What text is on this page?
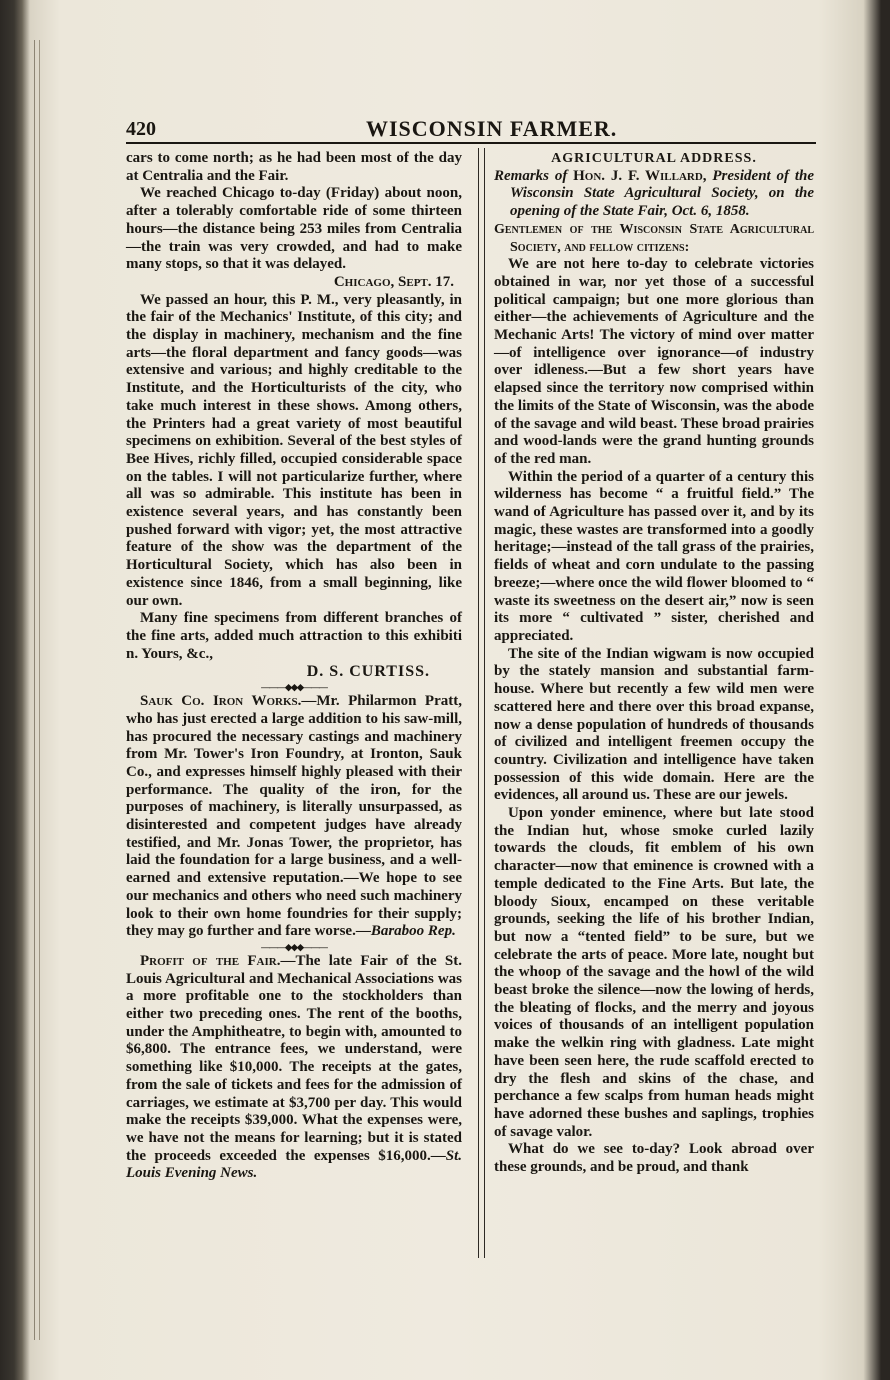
420	WISCONSIN FARMER.

cars to come north; as he had been most of the day at Centralia and the Fair.

We reached Chicago to-day (Friday) about noon, after a tolerably comfortable ride of some thirteen hours—the distance being 253 miles from Centralia—the train was very crowded, and had to make many stops, so that it was delayed.

Chicago, Sept. 17.

We passed an hour, this P. M., very pleasantly, in the fair of the Mechanics' Institute, of this city; and the display in machinery, mechanism and the fine arts—the floral department and fancy goods—was extensive and various; and highly creditable to the Institute, and the Horticulturists of the city, who take much interest in these shows. Among others, the Printers had a great variety of most beautiful specimens on exhibition. Several of the best styles of Bee Hives, richly filled, occupied considerable space on the tables. I will not particularize further, where all was so admirable. This institute has been in existence several years, and has constantly been pushed forward with vigor; yet, the most attractive feature of the show was the department of the Horticultural Society, which has also been in existence since 1846, from a small beginning, like our own.

Many fine specimens from different branches of the fine arts, added much attraction to this exhibiti n. Yours, &c.,

D. S. CURTISS.

———◆◆◆———

Sauk Co. Iron Works.—Mr. Philarmon Pratt, who has just erected a large addition to his saw-mill, has procured the necessary castings and machinery from Mr. Tower's Iron Foundry, at Ironton, Sauk Co., and expresses himself highly pleased with their performance. The quality of the iron, for the purposes of machinery, is literally unsurpassed, as disinterested and competent judges have already testified, and Mr. Jonas Tower, the proprietor, has laid the foundation for a large business, and a well-earned and extensive reputation.—We hope to see our mechanics and others who need such machinery look to their own home foundries for their supply; they may go further and fare worse.—Baraboo Rep.

———◆◆◆———

Profit of the Fair.—The late Fair of the St. Louis Agricultural and Mechanical Associations was a more profitable one to the stockholders than either two preceding ones. The rent of the booths, under the Amphitheatre, to begin with, amounted to $6,800. The entrance fees, we understand, were something like $10,000. The receipts at the gates, from the sale of tickets and fees for the admission of carriages, we estimate at $3,700 per day. This would make the receipts $39,000. What the expenses were, we have not the means for learning; but it is stated the proceeds exceeded the expenses $16,000.—St. Louis Evening News.

AGRICULTURAL ADDRESS.

Remarks of Hon. J. F. Willard, President of the Wisconsin State Agricultural Society, on the opening of the State Fair, Oct. 6, 1858.

Gentlemen of the Wisconsin State Agricultural Society, and fellow citizens:

We are not here to-day to celebrate victories obtained in war, nor yet those of a successful political campaign; but one more glorious than either—the achievements of Agriculture and the Mechanic Arts! The victory of mind over matter—of intelligence over ignorance—of industry over idleness.—But a few short years have elapsed since the territory now comprised within the limits of the State of Wisconsin, was the abode of the savage and wild beast. These broad prairies and wood-lands were the grand hunting grounds of the red man.

Within the period of a quarter of a century this wilderness has become “ a fruitful field.” The wand of Agriculture has passed over it, and by its magic, these wastes are transformed into a goodly heritage;—instead of the tall grass of the prairies, fields of wheat and corn undulate to the passing breeze;—where once the wild flower bloomed to “ waste its sweetness on the desert air,” now is seen its more “ cultivated ” sister, cherished and appreciated.

The site of the Indian wigwam is now occupied by the stately mansion and substantial farm-house. Where but recently a few wild men were scattered here and there over this broad expanse, now a dense population of hundreds of thousands of civilized and intelligent freemen occupy the country. Civilization and intelligence have taken possession of this wide domain. Here are the evidences, all around us. These are our jewels.

Upon yonder eminence, where but late stood the Indian hut, whose smoke curled lazily towards the clouds, fit emblem of his own character—now that eminence is crowned with a temple dedicated to the Fine Arts. But late, the bloody Sioux, encamped on these veritable grounds, seeking the life of his brother Indian, but now a “tented field” to be sure, but we celebrate the arts of peace. More late, nought but the whoop of the savage and the howl of the wild beast broke the silence—now the lowing of herds, the bleating of flocks, and the merry and joyous voices of thousands of an intelligent population make the welkin ring with gladness. Late might have been seen here, the rude scaffold erected to dry the flesh and skins of the chase, and perchance a few scalps from human heads might have adorned these bushes and saplings, trophies of savage valor.

What do we see to-day? Look abroad over these grounds, and be proud, and thank
